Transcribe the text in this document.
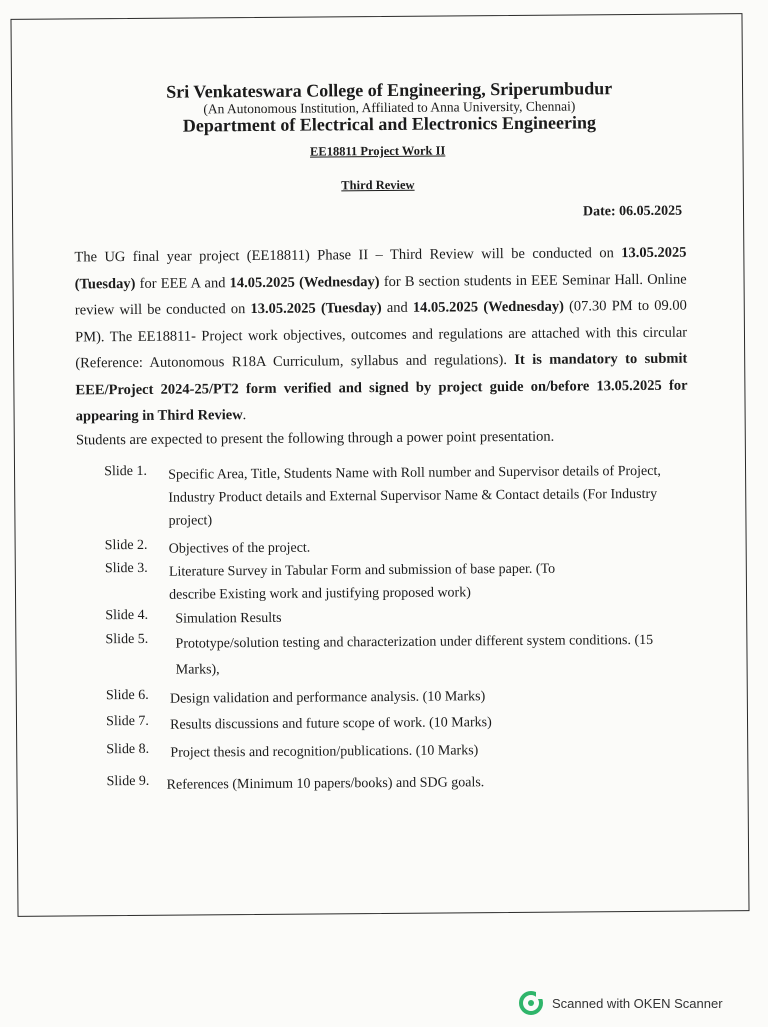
Sri Venkateswara College of Engineering, Sriperumbudur
(An Autonomous Institution, Affiliated to Anna University, Chennai)
Department of Electrical and Electronics Engineering
EE18811 Project Work II
Third Review
Date: 06.05.2025
The UG final year project (EE18811) Phase II – Third Review will be conducted on 13.05.2025 (Tuesday) for EEE A and 14.05.2025 (Wednesday) for B section students in EEE Seminar Hall. Online review will be conducted on 13.05.2025 (Tuesday) and 14.05.2025 (Wednesday) (07.30 PM to 09.00 PM). The EE18811- Project work objectives, outcomes and regulations are attached with this circular (Reference: Autonomous R18A Curriculum, syllabus and regulations). It is mandatory to submit EEE/Project 2024-25/PT2 form verified and signed by project guide on/before 13.05.2025 for appearing in Third Review.
Students are expected to present the following through a power point presentation.
Slide 1. Specific Area, Title, Students Name with Roll number and Supervisor details of Project, Industry Product details and External Supervisor Name & Contact details (For Industry project)
Slide 2. Objectives of the project.
Slide 3. Literature Survey in Tabular Form and submission of base paper. (To describe Existing work and justifying proposed work)
Slide 4. Simulation Results
Slide 5. Prototype/solution testing and characterization under different system conditions. (15 Marks),
Slide 6. Design validation and performance analysis. (10 Marks)
Slide 7. Results discussions and future scope of work. (10 Marks)
Slide 8. Project thesis and recognition/publications. (10 Marks)
Slide 9. References (Minimum 10 papers/books) and SDG goals.
Scanned with OKEN Scanner
